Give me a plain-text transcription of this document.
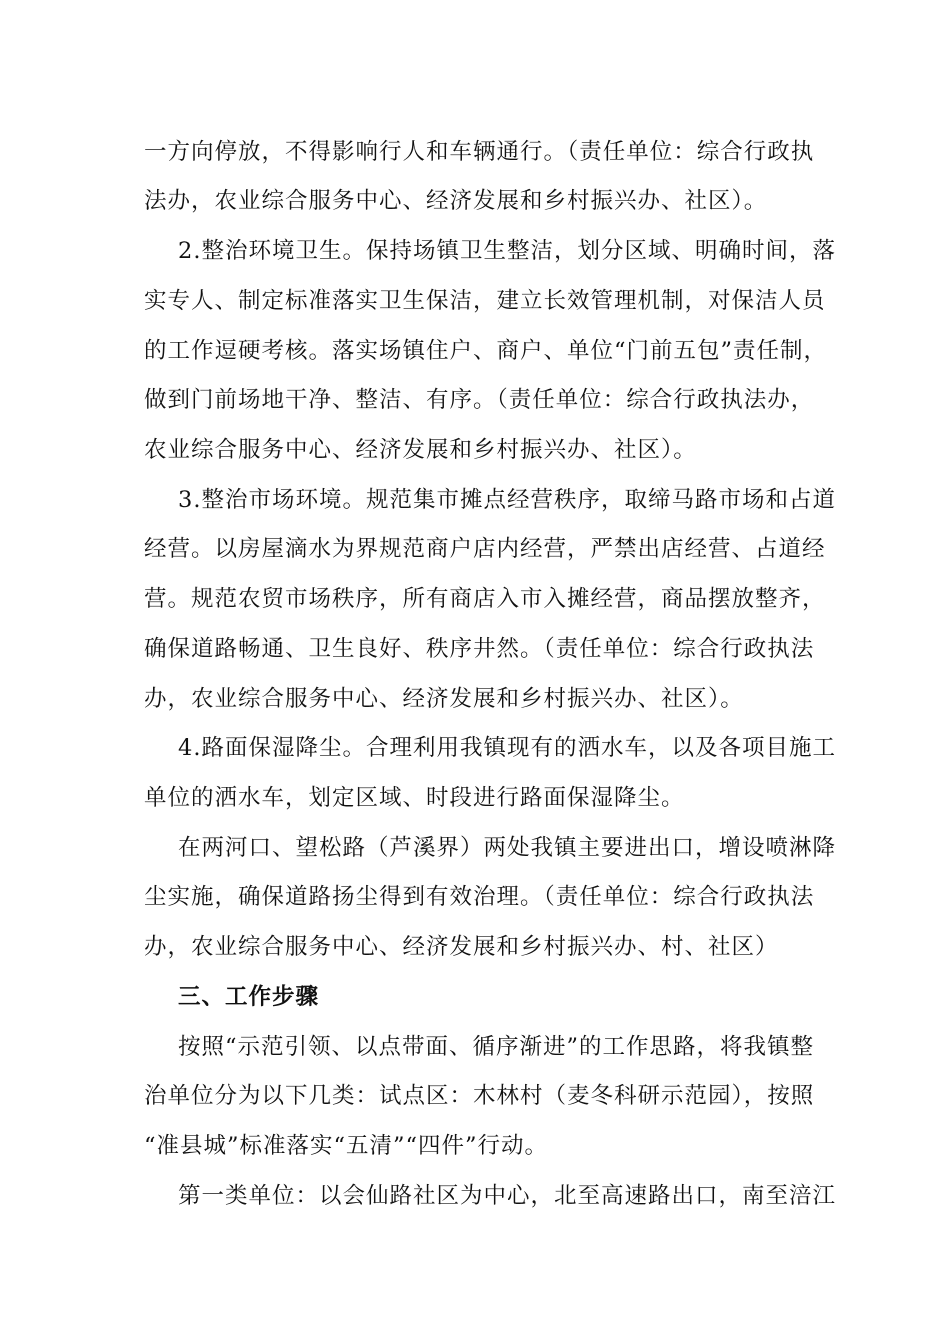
一方向停放，不得影响行人和车辆通行。（责任单位：综合行政执
法办，农业综合服务中心、经济发展和乡村振兴办、社区）。
2.整治环境卫生。保持场镇卫生整洁，划分区域、明确时间，落
实专人、制定标准落实卫生保洁，建立长效管理机制，对保洁人员
的工作逗硬考核。落实场镇住户、商户、单位“门前五包”责任制，
做到门前场地干净、整洁、有序。（责任单位：综合行政执法办，
农业综合服务中心、经济发展和乡村振兴办、社区）。
3.整治市场环境。规范集市摊点经营秩序，取缔马路市场和占道
经营。以房屋滴水为界规范商户店内经营，严禁出店经营、占道经
营。规范农贸市场秩序，所有商店入市入摊经营，商品摆放整齐，
确保道路畅通、卫生良好、秩序井然。（责任单位：综合行政执法
办，农业综合服务中心、经济发展和乡村振兴办、社区）。
4.路面保湿降尘。合理利用我镇现有的洒水车，以及各项目施工
单位的洒水车，划定区域、时段进行路面保湿降尘。
在两河口、望松路（芦溪界）两处我镇主要进出口，增设喷淋降
尘实施，确保道路扬尘得到有效治理。（责任单位：综合行政执法
办，农业综合服务中心、经济发展和乡村振兴办、村、社区）
三、工作步骤
按照“示范引领、以点带面、循序渐进”的工作思路，将我镇整
治单位分为以下几类：试点区：木林村（麦冬科研示范园），按照
“准县城”标准落实“五清”“四件”行动。
第一类单位：以会仙路社区为中心，北至高速路出口，南至涪江
